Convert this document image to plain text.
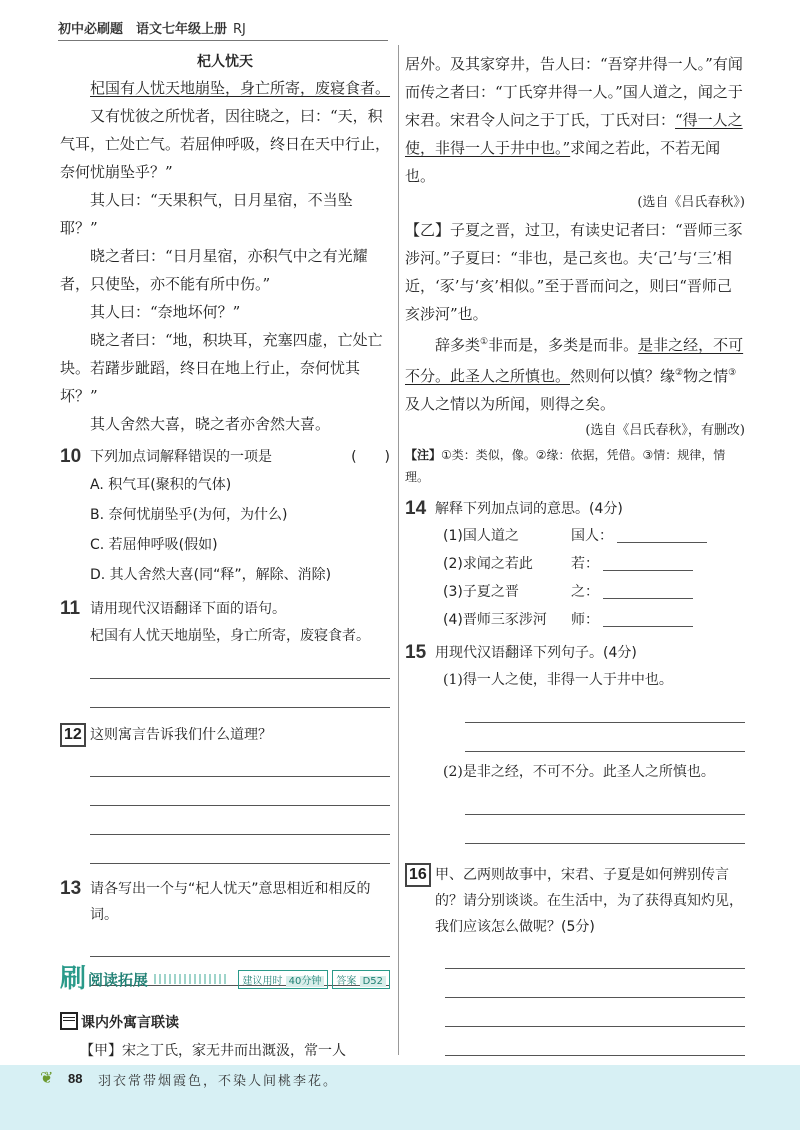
初中必刷题　语文七年级上册 RJ

杞人忧天

杞国有人忧天地崩坠，身亡所寄，废寝食者。

又有忧彼之所忧者，因往晓之，曰：“天，积气耳，亡处亡气。若屈伸呼吸，终日在天中行止，奈何忧崩坠乎？”

其人曰：“天果积气，日月星宿，不当坠耶？”

晓之者曰：“日月星宿，亦积气中之有光耀者，只使坠，亦不能有所中伤。”

其人曰：“奈地坏何？”

晓之者曰：“地，积块耳，充塞四虚，亡处亡块。若躇步跐蹈，终日在地上行止，奈何忧其坏？”

其人舍然大喜，晓之者亦舍然大喜。

10 下列加点词解释错误的一项是	(　　)

A. 积气耳(聚积的气体)

B. 奈何忧崩坠乎(为何，为什么)

C. 若屈伸呼吸(假如)

D. 其人舍然大喜(同“释”，解除、消除)

11 请用现代汉语翻译下面的语句。

杞国有人忧天地崩坠，身亡所寄，废寝食者。

12 这则寓言告诉我们什么道理？
13 请各写出一个与“杞人忧天”意思相近和相反的词。
刷 阅读拓展	建议用时 40分钟	答案 D52
课内外寓言联读

【甲】宋之丁氏，家无井而出溉汲，常一人

居外。及其家穿井，告人曰：“吾穿井得一人。”有闻而传之者曰：“丁氏穿井得一人。”国人道之，闻之于宋君。宋君令人问之于丁氏，丁氏对曰：“得一人之使，非得一人于井中也。”求闻之若此，不若无闻也。

(选自《吕氏春秋》)

【乙】子夏之晋，过卫，有读史记者曰：“晋师三豕涉河。”子夏曰：“非也，是己亥也。夫‘己’与‘三’相近，‘豕’与‘亥’相似。”至于晋而问之，则曰“晋师己亥涉河”也。

辞多类①非而是，多类是而非。是非之经，不可不分。此圣人之所慎也。然则何以慎？缘②物之情③及人之情以为所闻，则得之矣。

(选自《吕氏春秋》，有删改)

【注】①类：类似，像。②缘：依据，凭借。③情：规律，情理。

14 解释下列加点词的意思。(4分)
(1)国人道之	国人：
(2)求闻之若此	若：
(3)子夏之晋	之：
(4)晋师三豕涉河	师：
15 用现代汉语翻译下列句子。(4分)

(1)得一人之使，非得一人于井中也。

(2)是非之经，不可不分。此圣人之所慎也。

16 甲、乙两则故事中，宋君、子夏是如何辨别传言的？请分别谈谈。在生活中，为了获得真知灼见，我们应该怎么做呢？(5分)
❦ 88 羽衣常带烟霞色，不染人间桃李花。
